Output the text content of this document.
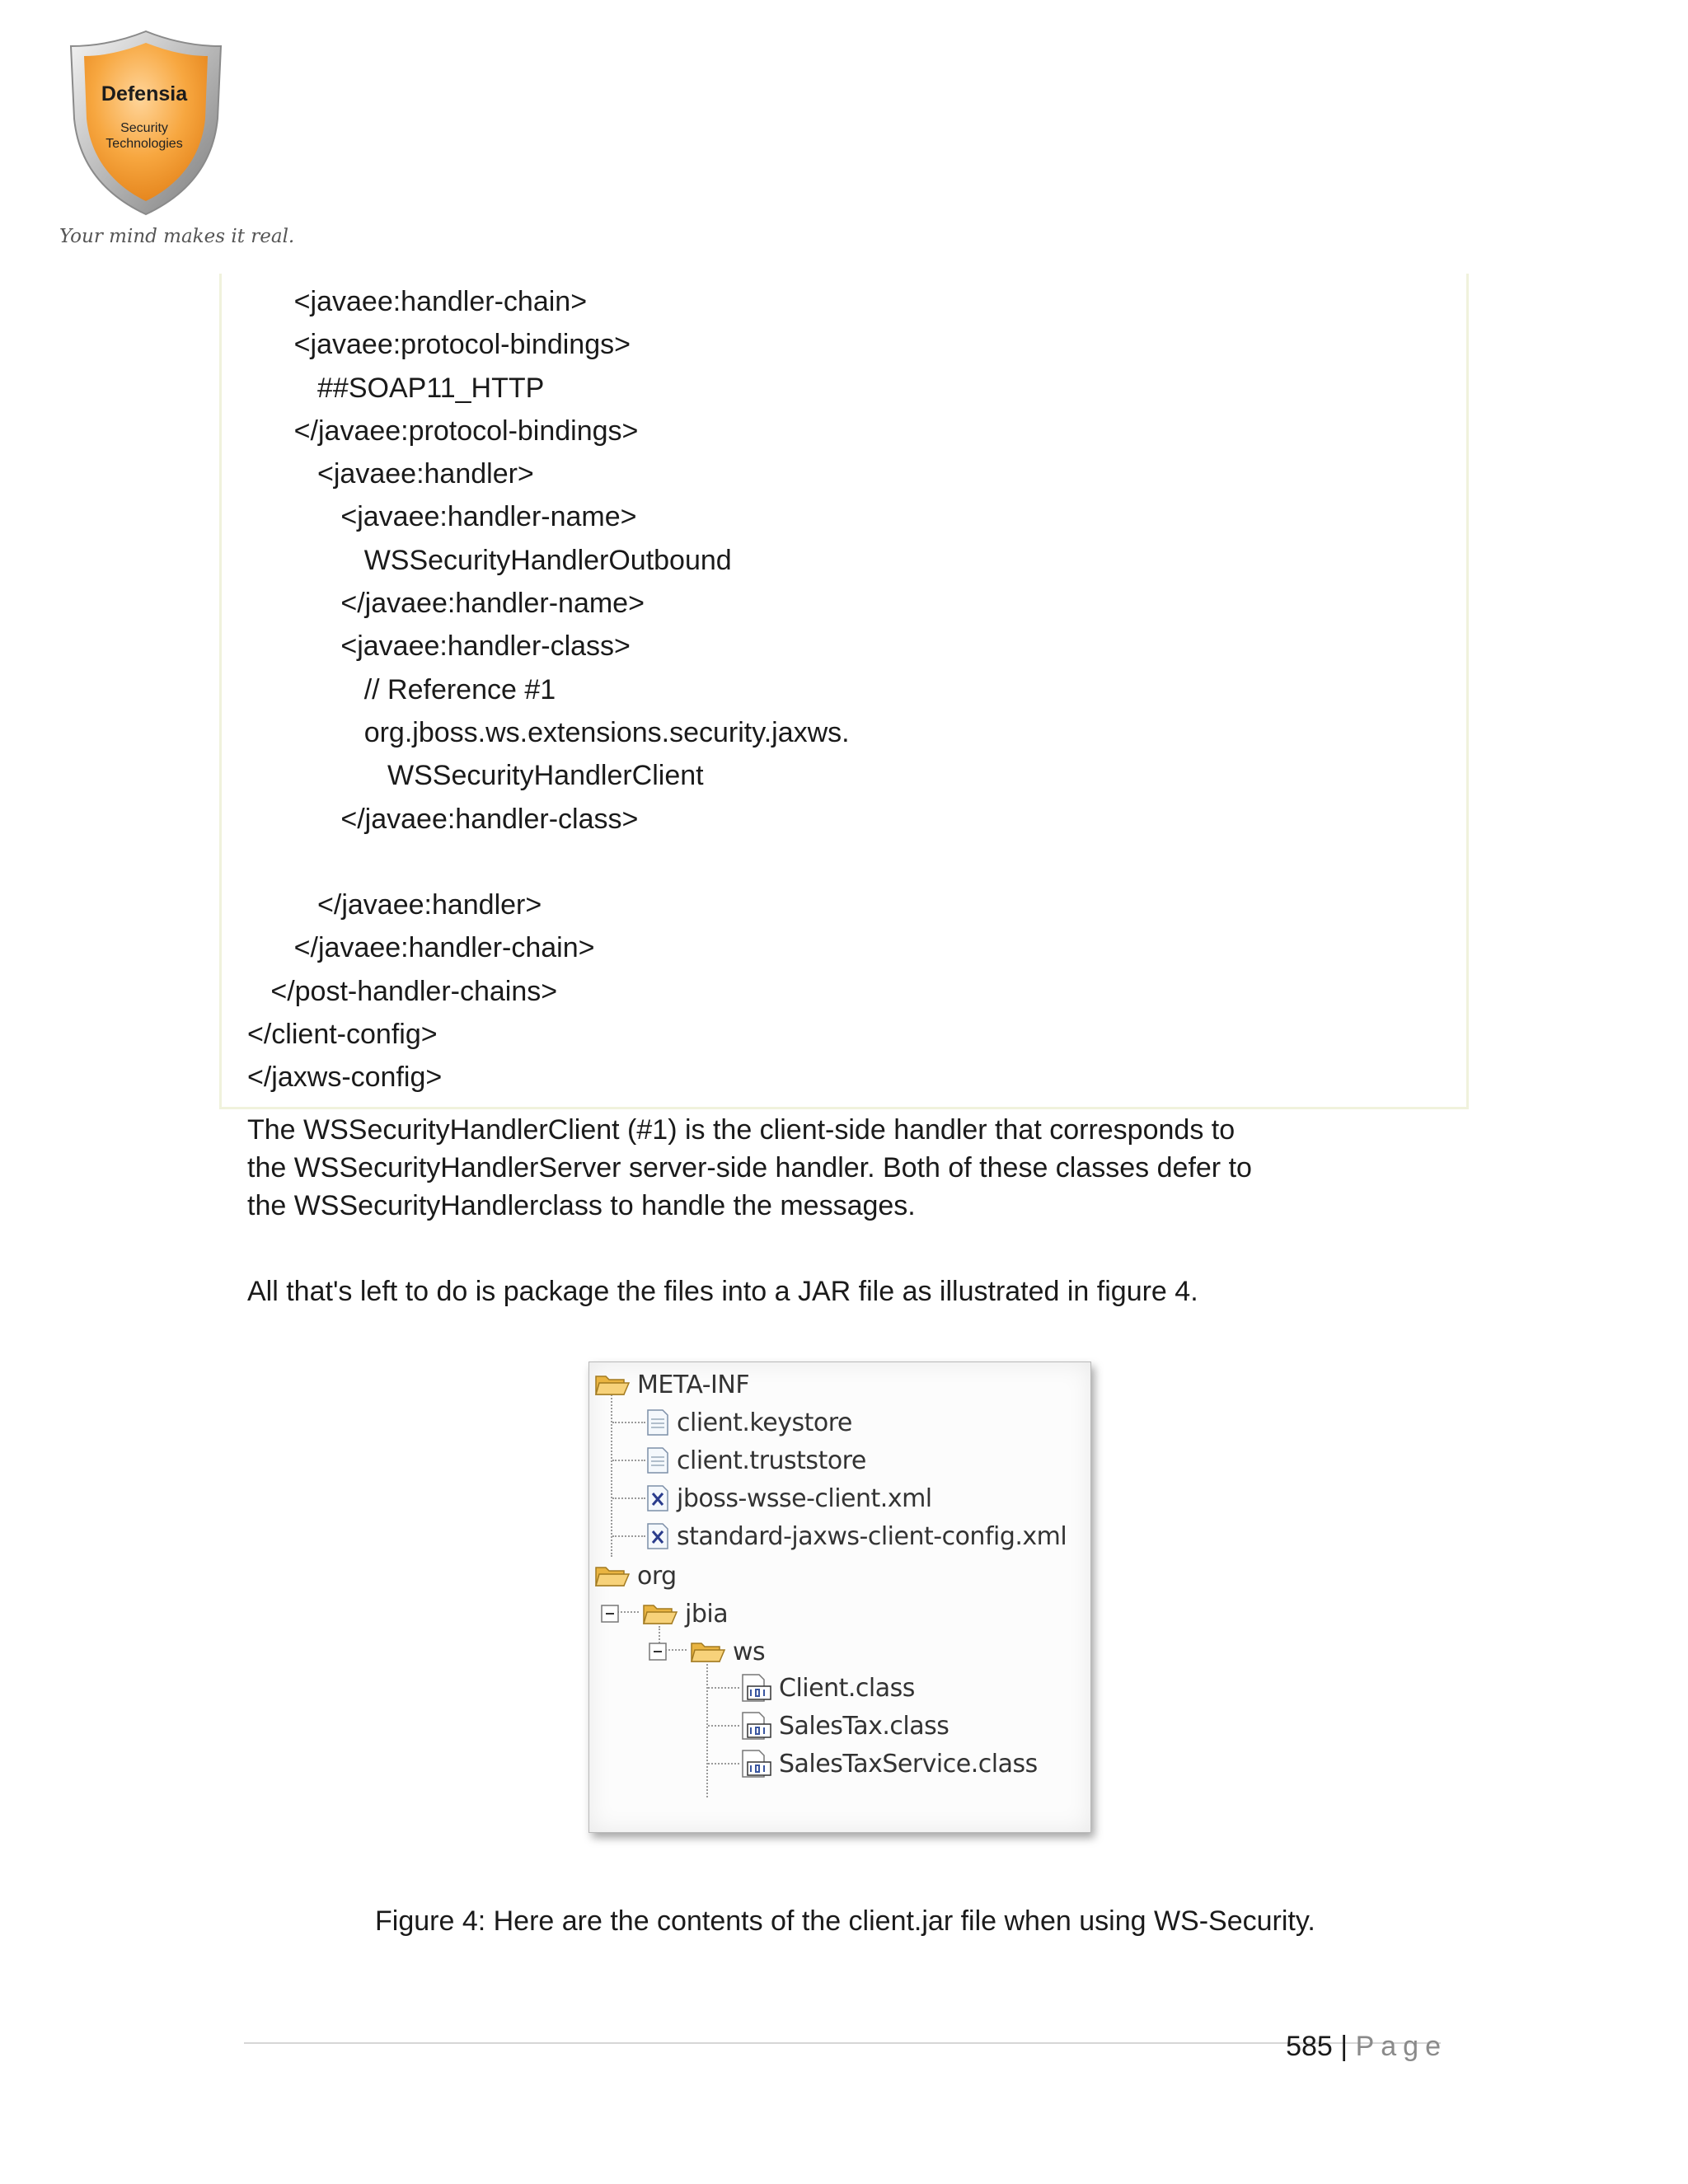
Defensia
Security
Technologies
Your mind makes it real.
<javaee:handler-chain>
<javaee:protocol-bindings>
##SOAP11_HTTP
</javaee:protocol-bindings>
<javaee:handler>
<javaee:handler-name>
WSSecurityHandlerOutbound
</javaee:handler-name>
<javaee:handler-class>
// Reference #1
org.jboss.ws.extensions.security.jaxws.
WSSecurityHandlerClient
</javaee:handler-class>
</javaee:handler>
</javaee:handler-chain>
</post-handler-chains>
</client-config>
</jaxws-config>
The WSSecurityHandlerClient (#1) is the client-side handler that corresponds to
the WSSecurityHandlerServer server-side handler. Both of these classes defer to
the WSSecurityHandlerclass to handle the messages.
All that's left to do is package the files into a JAR file as illustrated in figure 4.
META-INF
client.keystore
client.truststore
jboss-wsse-client.xml
standard-jaxws-client-config.xml
org
jbia
ws
Client.class
SalesTax.class
SalesTaxService.class
Figure 4: Here are the contents of the client.jar file when using WS-Security.
585 | Page
